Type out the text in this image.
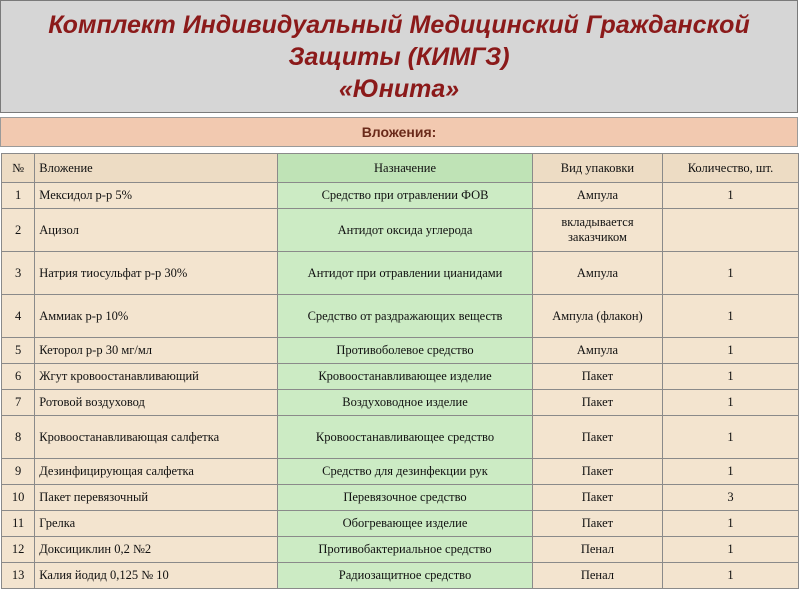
Комплект Индивидуальный Медицинский Гражданской
Защиты (КИМГЗ)
«Юнита»
Вложения:
№	Вложение	Назначение	Вид упаковки	Количество, шт.
1	Мексидол р-р 5%	Средство при отравлении ФОВ	Ампула	1
2	Ацизол	Антидот оксида углерода	вкладывается заказчиком	
3	Натрия тиосульфат р-р 30%	Антидот при отравлении цианидами	Ампула	1
4	Аммиак р-р 10%	Средство от раздражающих веществ	Ампула (флакон)	1
5	Кеторол р-р 30 мг/мл	Противоболевое средство	Ампула	1
6	Жгут кровоостанавливающий	Кровоостанавливающее изделие	Пакет	1
7	Ротовой воздуховод	Воздуховодное изделие	Пакет	1
8	Кровоостанавливающая салфетка	Кровоостанавливающее средство	Пакет	1
9	Дезинфицирующая салфетка	Средство для дезинфекции рук	Пакет	1
10	Пакет перевязочный	Перевязочное средство	Пакет	3
11	Грелка	Обогревающее изделие	Пакет	1
12	Доксициклин 0,2 №2	Противобактериальное средство	Пенал	1
13	Калия йодид 0,125 № 10	Радиозащитное средство	Пенал	1
